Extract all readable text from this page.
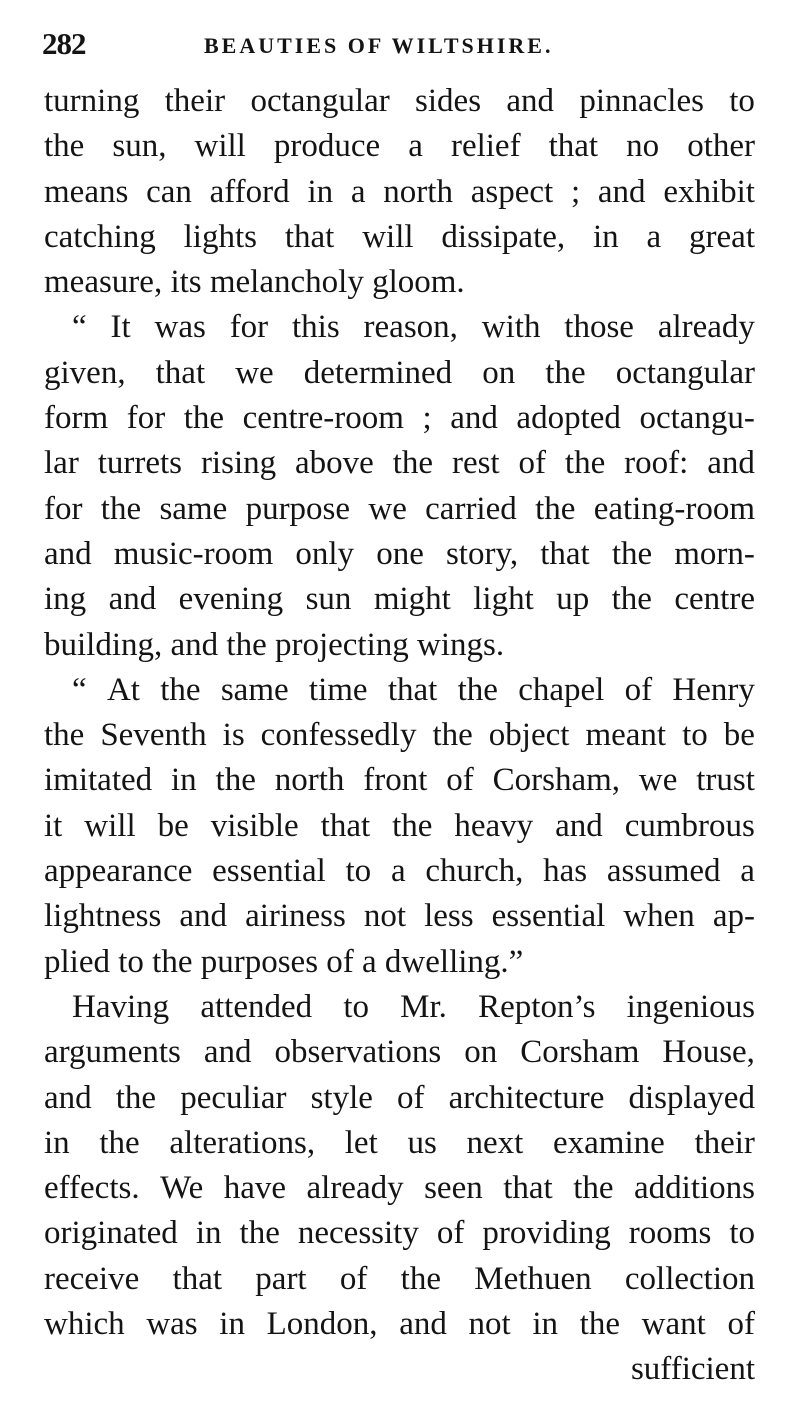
282	BEAUTIES OF WILTSHIRE.
turning their octangular sides and pinnacles to
the sun, will produce a relief that no other
means can afford in a north aspect ; and exhibit
catching lights that will dissipate, in a great
measure, its melancholy gloom.
“ It was for this reason, with those already
given, that we determined on the octangular
form for the centre-room ; and adopted octangu-
lar turrets rising above the rest of the roof: and
for the same purpose we carried the eating-room
and music-room only one story, that the morn-
ing and evening sun might light up the centre
building, and the projecting wings.
“ At the same time that the chapel of Henry
the Seventh is confessedly the object meant to be
imitated in the north front of Corsham, we trust
it will be visible that the heavy and cumbrous
appearance essential to a church, has assumed a
lightness and airiness not less essential when ap-
plied to the purposes of a dwelling.”
Having attended to Mr. Repton’s ingenious
arguments and observations on Corsham House,
and the peculiar style of architecture displayed
in the alterations, let us next examine their
effects. We have already seen that the additions
originated in the necessity of providing rooms to
receive that part of the Methuen collection
which was in London, and not in the want of
sufficient
